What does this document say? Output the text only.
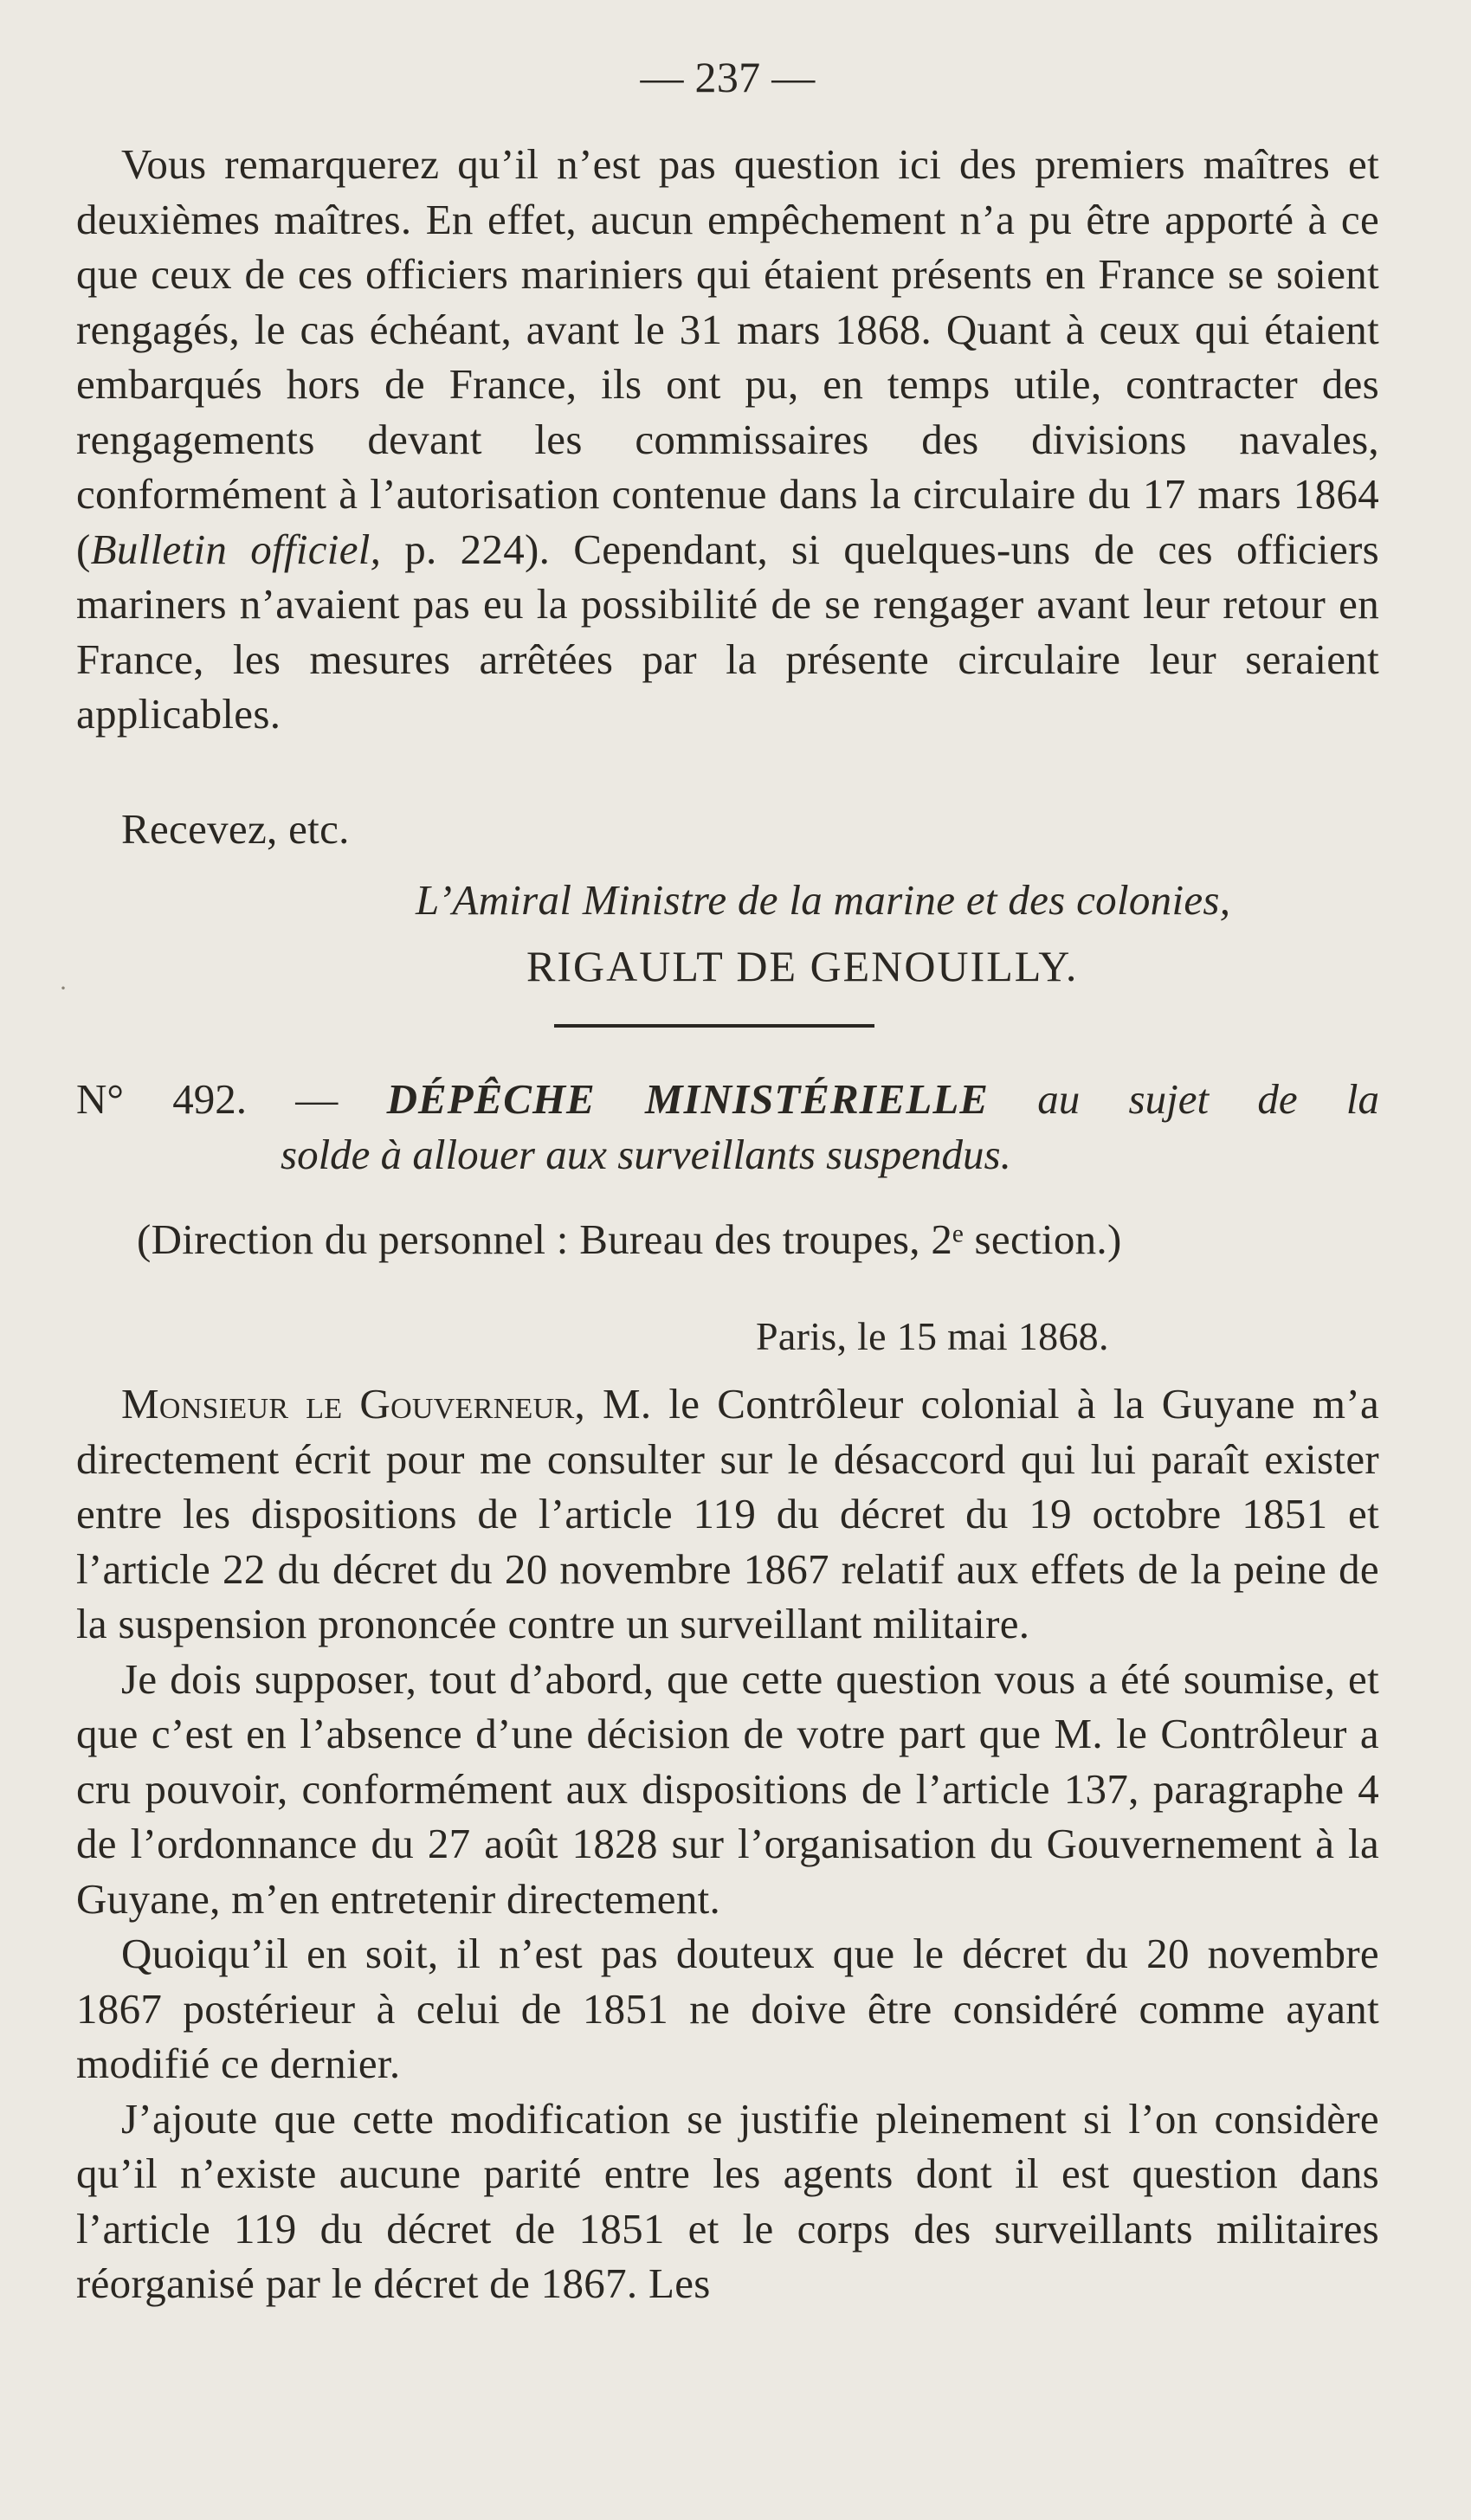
— 237 —

Vous remarquerez qu’il n’est pas question ici des premiers maîtres et deuxièmes maîtres. En effet, aucun empêchement n’a pu être apporté à ce que ceux de ces officiers mariniers qui étaient présents en France se soient rengagés, le cas échéant, avant le 31 mars 1868. Quant à ceux qui étaient embarqués hors de France, ils ont pu, en temps utile, contracter des rengagements devant les commissaires des divisions navales, conformément à l’autorisation contenue dans la circulaire du 17 mars 1864 (Bulletin officiel, p. 224). Cependant, si quelques-uns de ces officiers mariners n’avaient pas eu la possibilité de se rengager avant leur retour en France, les mesures arrêtées par la présente circulaire leur seraient applicables.

Recevez, etc.

L’Amiral Ministre de la marine et des colonies,

·	RIGAULT DE GENOUILLY.

N° 492. — DÉPÊCHE MINISTÉRIELLE au sujet de la

solde à allouer aux surveillants suspendus.

(Direction du personnel : Bureau des troupes, 2ᵉ section.)

Paris, le 15 mai 1868.

Monsieur le Gouverneur, M. le Contrôleur colonial à la Guyane m’a directement écrit pour me consulter sur le désaccord qui lui paraît exister entre les dispositions de l’article 119 du décret du 19 octobre 1851 et l’article 22 du décret du 20 novembre 1867 relatif aux effets de la peine de la suspension prononcée contre un surveillant militaire.

Je dois supposer, tout d’abord, que cette question vous a été soumise, et que c’est en l’absence d’une décision de votre part que M. le Contrôleur a cru pouvoir, conformément aux dispositions de l’article 137, paragraphe 4 de l’ordonnance du 27 août 1828 sur l’organisation du Gouvernement à la Guyane, m’en entretenir directement.

Quoiqu’il en soit, il n’est pas douteux que le décret du 20 novembre 1867 postérieur à celui de 1851 ne doive être considéré comme ayant modifié ce dernier.

J’ajoute que cette modification se justifie pleinement si l’on considère qu’il n’existe aucune parité entre les agents dont il est question dans l’article 119 du décret de 1851 et le corps des surveillants militaires réorganisé par le décret de 1867. Les
